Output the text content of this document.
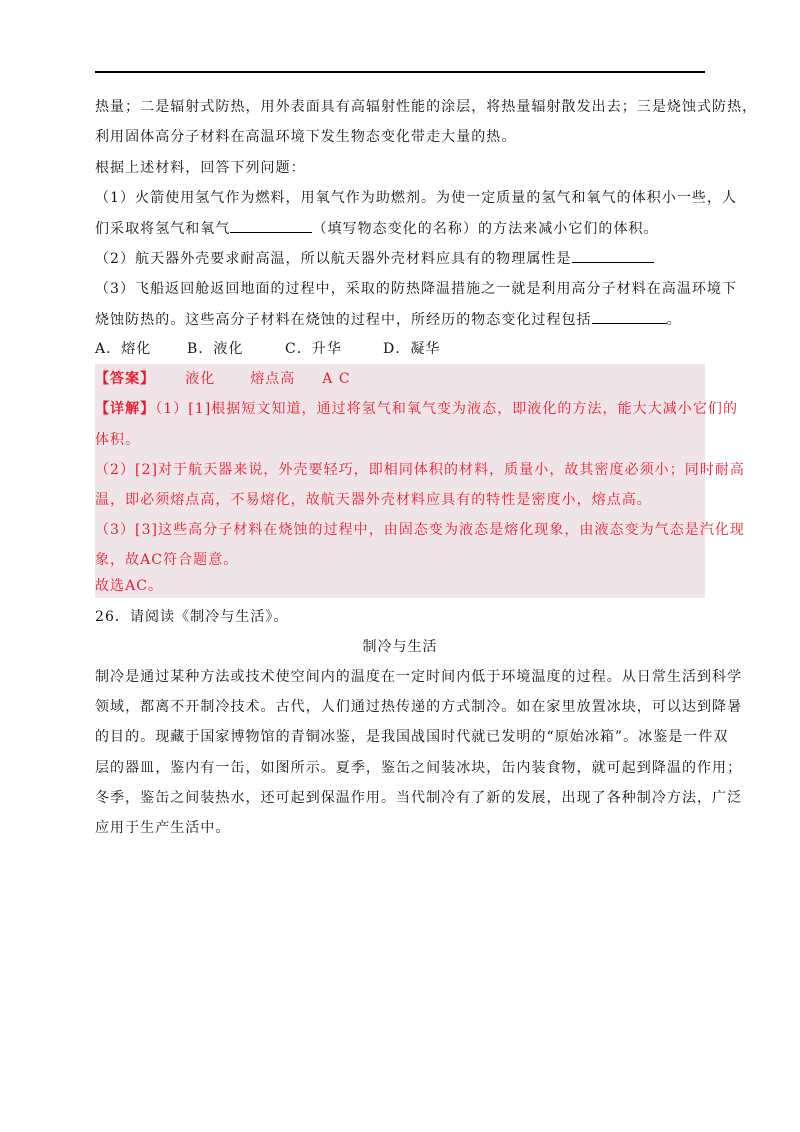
热量；二是辐射式防热，用外表面具有高辐射性能的涂层，将热量辐射散发出去；三是烧蚀式防热，
利用固体高分子材料在高温环境下发生物态变化带走大量的热。
根据上述材料，回答下列问题：
（1）火箭使用氢气作为燃料，用氧气作为助燃剂。为使一定质量的氢气和氧气的体积小一些，人
们采取将氢气和氧气	（填写物态变化的名称）的方法来减小它们的体积。
（2）航天器外壳要求耐高温，所以航天器外壳材料应具有的物理属性是
（3）飞船返回舱返回地面的过程中，采取的防热降温措施之一就是利用高分子材料在高温环境下
烧蚀防热的。这些高分子材料在烧蚀的过程中，所经历的物态变化过程包括	。
A．熔化	B．液化	C．升华	D．凝华
【答案】 液化 熔点高 A C
【详解】（1）[1]根据短文知道，通过将氢气和氧气变为液态，即液化的方法，能大大减小它们的
体积。
（2）[2]对于航天器来说，外壳要轻巧，即相同体积的材料，质量小，故其密度必须小；同时耐高
温，即必须熔点高，不易熔化，故航天器外壳材料应具有的特性是密度小，熔点高。
（3）[3]这些高分子材料在烧蚀的过程中，由固态变为液态是熔化现象，由液态变为气态是汽化现
象，故AC符合题意。
故选AC。
26．请阅读《制冷与生活》。
制冷与生活
制冷是通过某种方法或技术使空间内的温度在一定时间内低于环境温度的过程。从日常生活到科学
领域，都离不开制冷技术。古代，人们通过热传递的方式制冷。如在家里放置冰块，可以达到降暑
的目的。现藏于国家博物馆的青铜冰鉴，是我国战国时代就已发明的“原始冰箱”。冰鉴是一件双
层的器皿，鉴内有一缶，如图所示。夏季，鉴缶之间装冰块，缶内装食物，就可起到降温的作用；
冬季，鉴缶之间装热水，还可起到保温作用。当代制冷有了新的发展，出现了各种制冷方法，广泛
应用于生产生活中。
